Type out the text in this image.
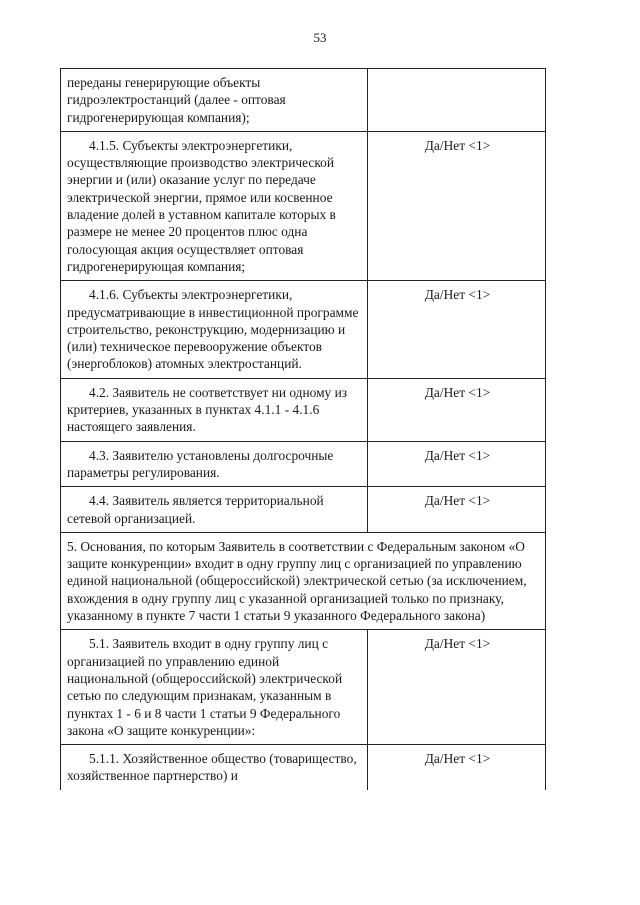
53
переданы генерирующие объекты гидроэлектростанций (далее - оптовая гидрогенерирующая компания);	
4.1.5. Субъекты электроэнергетики, осуществляющие производство электрической энергии и (или) оказание услуг по передаче электрической энергии, прямое или косвенное владение долей в уставном капитале которых в размере не менее 20 процентов плюс одна голосующая акция осуществляет оптовая гидрогенерирующая компания;	Да/Нет <1>
4.1.6. Субъекты электроэнергетики, предусматривающие в инвестиционной программе строительство, реконструкцию, модернизацию и (или) техническое перевооружение объектов (энергоблоков) атомных электростанций.	Да/Нет <1>
4.2. Заявитель не соответствует ни одному из критериев, указанных в пунктах 4.1.1 - 4.1.6 настоящего заявления.	Да/Нет <1>
4.3. Заявителю установлены долгосрочные параметры регулирования.	Да/Нет <1>
4.4. Заявитель является территориальной сетевой организацией.	Да/Нет <1>
5. Основания, по которым Заявитель в соответствии с Федеральным законом «О защите конкуренции» входит в одну группу лиц с организацией по управлению единой национальной (общероссийской) электрической сетью (за исключением, вхождения в одну группу лиц с указанной организацией только по признаку, указанному в пункте 7 части 1 статьи 9 указанного Федерального закона)	
5.1. Заявитель входит в одну группу лиц с организацией по управлению единой национальной (общероссийской) электрической сетью по следующим признакам, указанным в пунктах 1 - 6 и 8 части 1 статьи 9 Федерального закона «О защите конкуренции»:	Да/Нет <1>
5.1.1. Хозяйственное общество (товарищество, хозяйственное партнерство) и	Да/Нет <1>
